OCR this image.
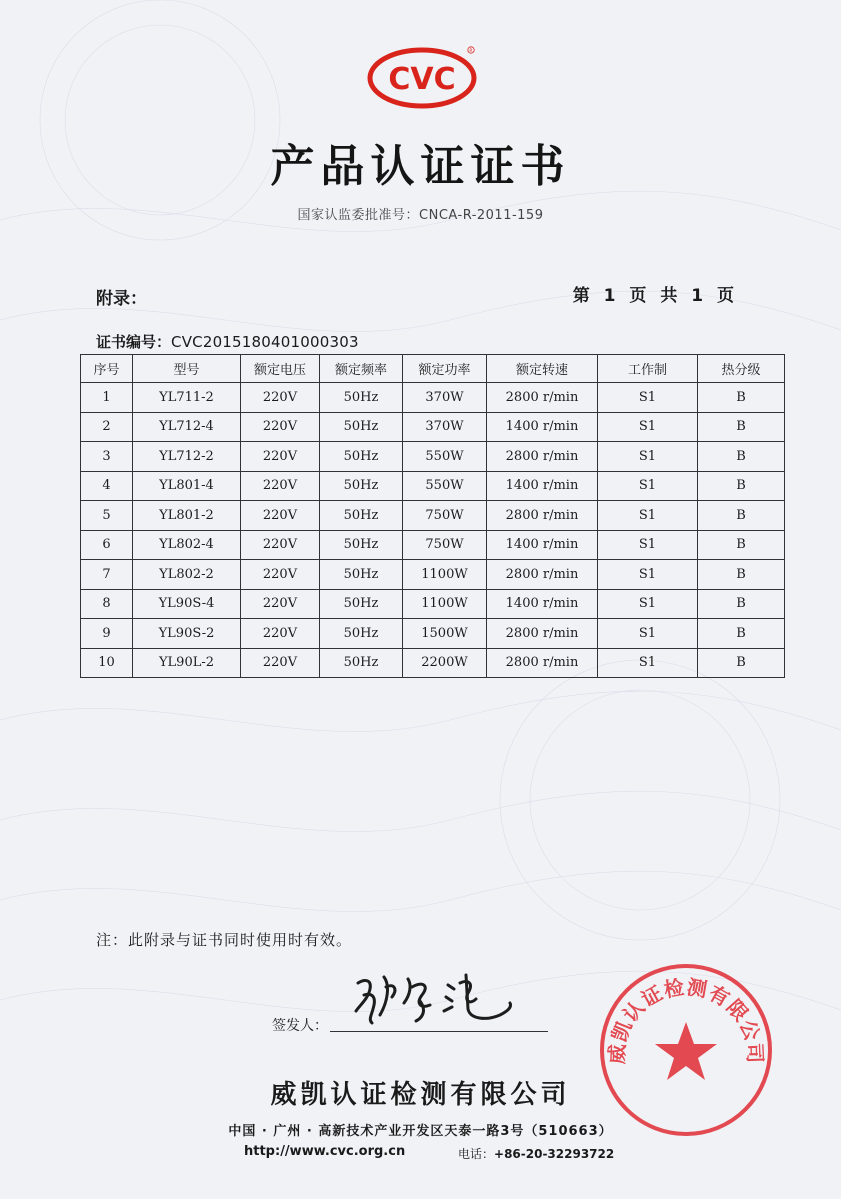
CVC
R
产品认证证书
国家认监委批准号：CNCA-R-2011-159
附录：	第 1 页 共 1 页
证书编号：CVC2015180401000303
序号	型号	额定电压	额定频率	额定功率	额定转速	工作制	热分级
1	YL711-2	220V	50Hz	370W	2800 r/min	S1	B
2	YL712-4	220V	50Hz	370W	1400 r/min	S1	B
3	YL712-2	220V	50Hz	550W	2800 r/min	S1	B
4	YL801-4	220V	50Hz	550W	1400 r/min	S1	B
5	YL801-2	220V	50Hz	750W	2800 r/min	S1	B
6	YL802-4	220V	50Hz	750W	1400 r/min	S1	B
7	YL802-2	220V	50Hz	1100W	2800 r/min	S1	B
8	YL90S-4	220V	50Hz	1100W	1400 r/min	S1	B
9	YL90S-2	220V	50Hz	1500W	2800 r/min	S1	B
10	YL90L-2	220V	50Hz	2200W	2800 r/min	S1	B
注：此附录与证书同时使用时有效。
签发人：
威凯认证检测有限公司
威凯认证检测有限公司
中国 · 广州 · 高新技术产业开发区天泰一路3号（510663）
http://www.cvc.org.cn	电话：+86-20-32293722
